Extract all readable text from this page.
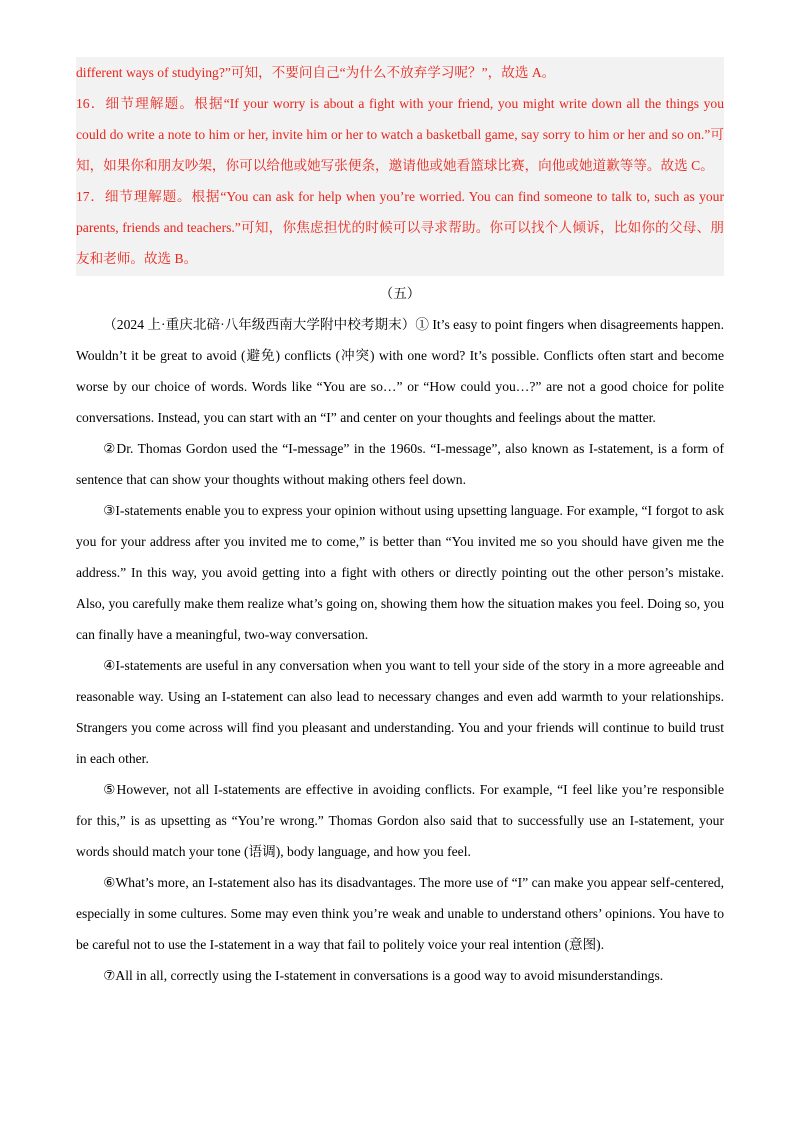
different ways of studying?”可知，不要问自己“为什么不放弃学习呢？”，故选 A。

16．细节理解题。根据“If your worry is about a fight with your friend, you might write down all the things you could do write a note to him or her, invite him or her to watch a basketball game, say sorry to him or her and so on.”可知，如果你和朋友吵架，你可以给他或她写张便条，邀请他或她看篮球比赛，向他或她道歉等等。故选 C。

17．细节理解题。根据“You can ask for help when you’re worried. You can find someone to talk to, such as your parents, friends and teachers.”可知，你焦虑担忧的时候可以寻求帮助。你可以找个人倾诉，比如你的父母、朋友和老师。故选 B。

（五）

（2024 上·重庆北碚·八年级西南大学附中校考期末）① It’s easy to point fingers when disagreements happen. Wouldn’t it be great to avoid (避免) conflicts (冲突) with one word? It’s possible. Conflicts often start and become worse by our choice of words. Words like “You are so…” or “How could you…?” are not a good choice for polite conversations. Instead, you can start with an “I” and center on your thoughts and feelings about the matter.

②Dr. Thomas Gordon used the “I-message” in the 1960s. “I-message”, also known as I-statement, is a form of sentence that can show your thoughts without making others feel down.

③I-statements enable you to express your opinion without using upsetting language. For example, “I forgot to ask you for your address after you invited me to come,” is better than “You invited me so you should have given me the address.” In this way, you avoid getting into a fight with others or directly pointing out the other person’s mistake. Also, you carefully make them realize what’s going on, showing them how the situation makes you feel. Doing so, you can finally have a meaningful, two-way conversation.

④I-statements are useful in any conversation when you want to tell your side of the story in a more agreeable and reasonable way. Using an I-statement can also lead to necessary changes and even add warmth to your relationships. Strangers you come across will find you pleasant and understanding. You and your friends will continue to build trust in each other.

⑤However, not all I-statements are effective in avoiding conflicts. For example, “I feel like you’re responsible for this,” is as upsetting as “You’re wrong.” Thomas Gordon also said that to successfully use an I-statement, your words should match your tone (语调), body language, and how you feel.

⑥What’s more, an I-statement also has its disadvantages. The more use of “I” can make you appear self-centered, especially in some cultures. Some may even think you’re weak and unable to understand others’ opinions. You have to be careful not to use the I-statement in a way that fail to politely voice your real intention (意图).

⑦All in all, correctly using the I-statement in conversations is a good way to avoid misunderstandings.
